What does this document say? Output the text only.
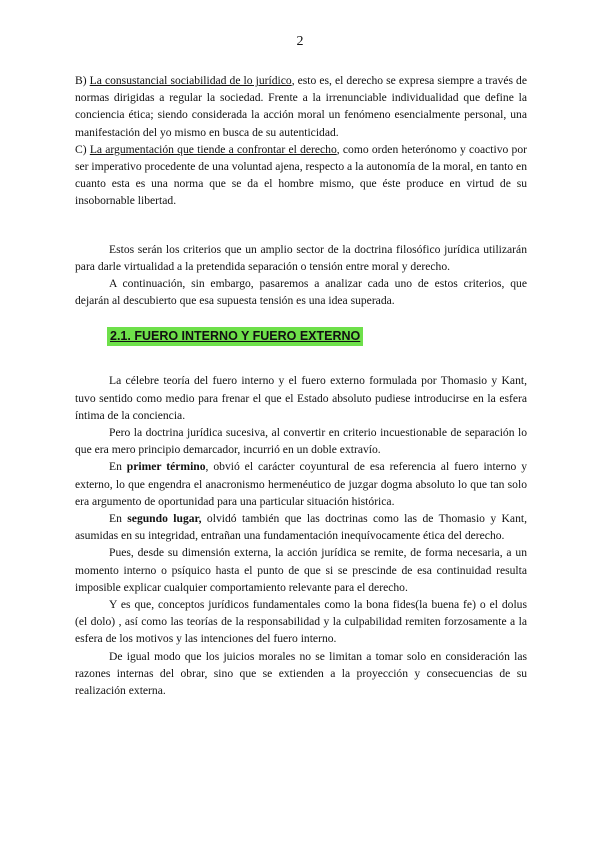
2

B) La consustancial sociabilidad de lo jurídico, esto es, el derecho se expresa siempre a través de normas dirigidas a regular la sociedad. Frente a la irrenunciable individualidad que define la conciencia ética; siendo considerada la acción moral un fenómeno esencialmente personal, una manifestación del yo mismo en busca de su autenticidad.

C) La argumentación que tiende a confrontar el derecho, como orden heterónomo y coactivo por ser imperativo procedente de una voluntad ajena, respecto a la autonomía de la moral, en tanto en cuanto esta es una norma que se da el hombre mismo, que éste produce en virtud de su insobornable libertad.

Estos serán los criterios que un amplio sector de la doctrina filosófico jurídica utilizarán para darle virtualidad a la pretendida separación o tensión entre moral y derecho.

A continuación, sin embargo, pasaremos a analizar cada uno de estos criterios, que dejarán al descubierto que esa supuesta tensión es una idea superada.

2.1. FUERO INTERNO Y FUERO EXTERNO

La célebre teoría del fuero interno y el fuero externo formulada por Thomasio y Kant, tuvo sentido como medio para frenar el que el Estado absoluto pudiese introducirse en la esfera íntima de la conciencia.

Pero la doctrina jurídica sucesiva, al convertir en criterio incuestionable de separación lo que era mero principio demarcador, incurrió en un doble extravío.

En primer término, obvió el carácter coyuntural de esa referencia al fuero interno y externo, lo que engendra el anacronismo hermenéutico de juzgar dogma absoluto lo que tan solo era argumento de oportunidad para una particular situación histórica.

En segundo lugar, olvidó también que las doctrinas como las de Thomasio y Kant, asumidas en su integridad, entrañan una fundamentación inequívocamente ética del derecho.

Pues, desde su dimensión externa, la acción jurídica se remite, de forma necesaria, a un momento interno o psíquico hasta el punto de que si se prescinde de esa continuidad resulta imposible explicar cualquier comportamiento relevante para el derecho.

Y es que, conceptos jurídicos fundamentales como la bona fides(la buena fe) o el dolus (el dolo) , así como las teorías de la responsabilidad y la culpabilidad remiten forzosamente a la esfera de los motivos y las intenciones del fuero interno.

De igual modo que los juicios morales no se limitan a tomar solo en consideración las razones internas del obrar, sino que se extienden a la proyección y consecuencias de su realización externa.
